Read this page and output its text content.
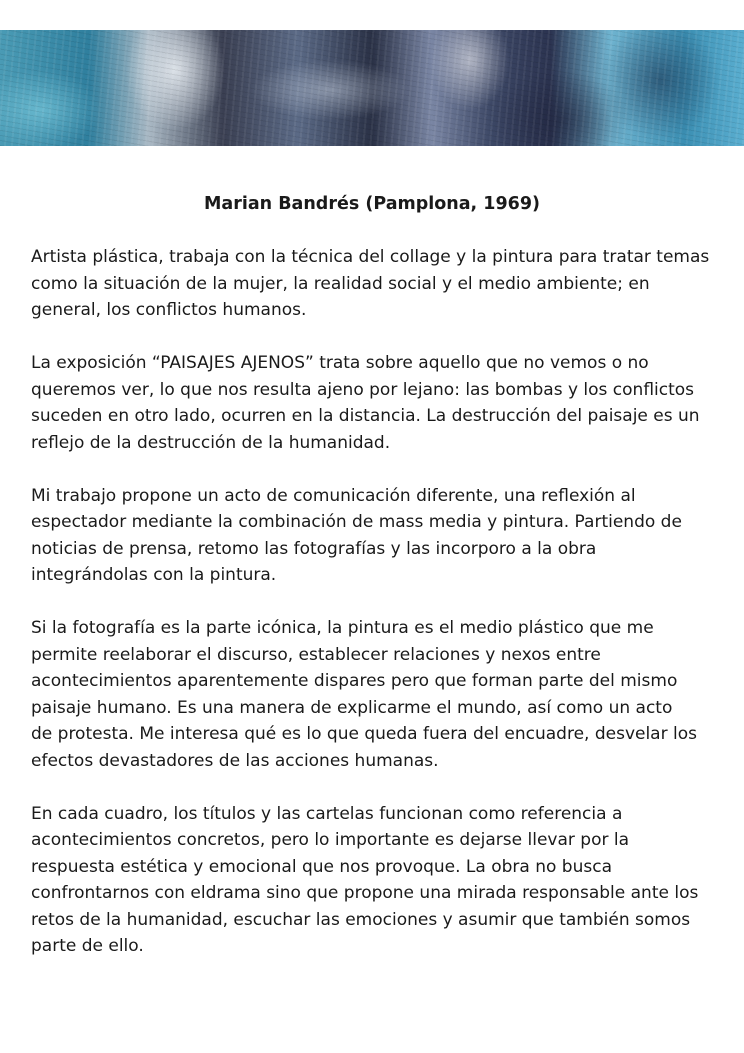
Marian Bandrés (Pamplona, 1969)

Artista plástica, trabaja con la técnica del collage y la pintura para tratar temas como la situación de la mujer, la realidad social y el medio ambiente; en general, los conflictos humanos.

La exposición “PAISAJES AJENOS” trata sobre aquello que no vemos o no queremos ver, lo que nos resulta ajeno por lejano: las bombas y los conflictos suceden en otro lado, ocurren en la distancia. La destrucción del paisaje es un reflejo de la destrucción de la humanidad.

Mi trabajo propone un acto de comunicación diferente, una reflexión al espectador mediante la combinación de mass media y pintura. Partiendo de noticias de prensa, retomo las fotografías y las incorporo a la obra integrándolas con la pintura.

Si la fotografía es la parte icónica, la pintura es el medio plástico que me permite reelaborar el discurso, establecer relaciones y nexos entre acontecimientos aparentemente dispares pero que forman parte del mismo paisaje humano. Es una manera de explicarme el mundo, así como un acto

de protesta. Me interesa qué es lo que queda fuera del encuadre, desvelar los efectos devastadores de las acciones humanas.

En cada cuadro, los títulos y las cartelas funcionan como referencia a acontecimientos concretos, pero lo importante es dejarse llevar por la respuesta estética y emocional que nos provoque. La obra no busca confrontarnos con eldrama sino que propone una mirada responsable ante los retos de la humanidad, escuchar las emociones y asumir que también somos parte de ello.
